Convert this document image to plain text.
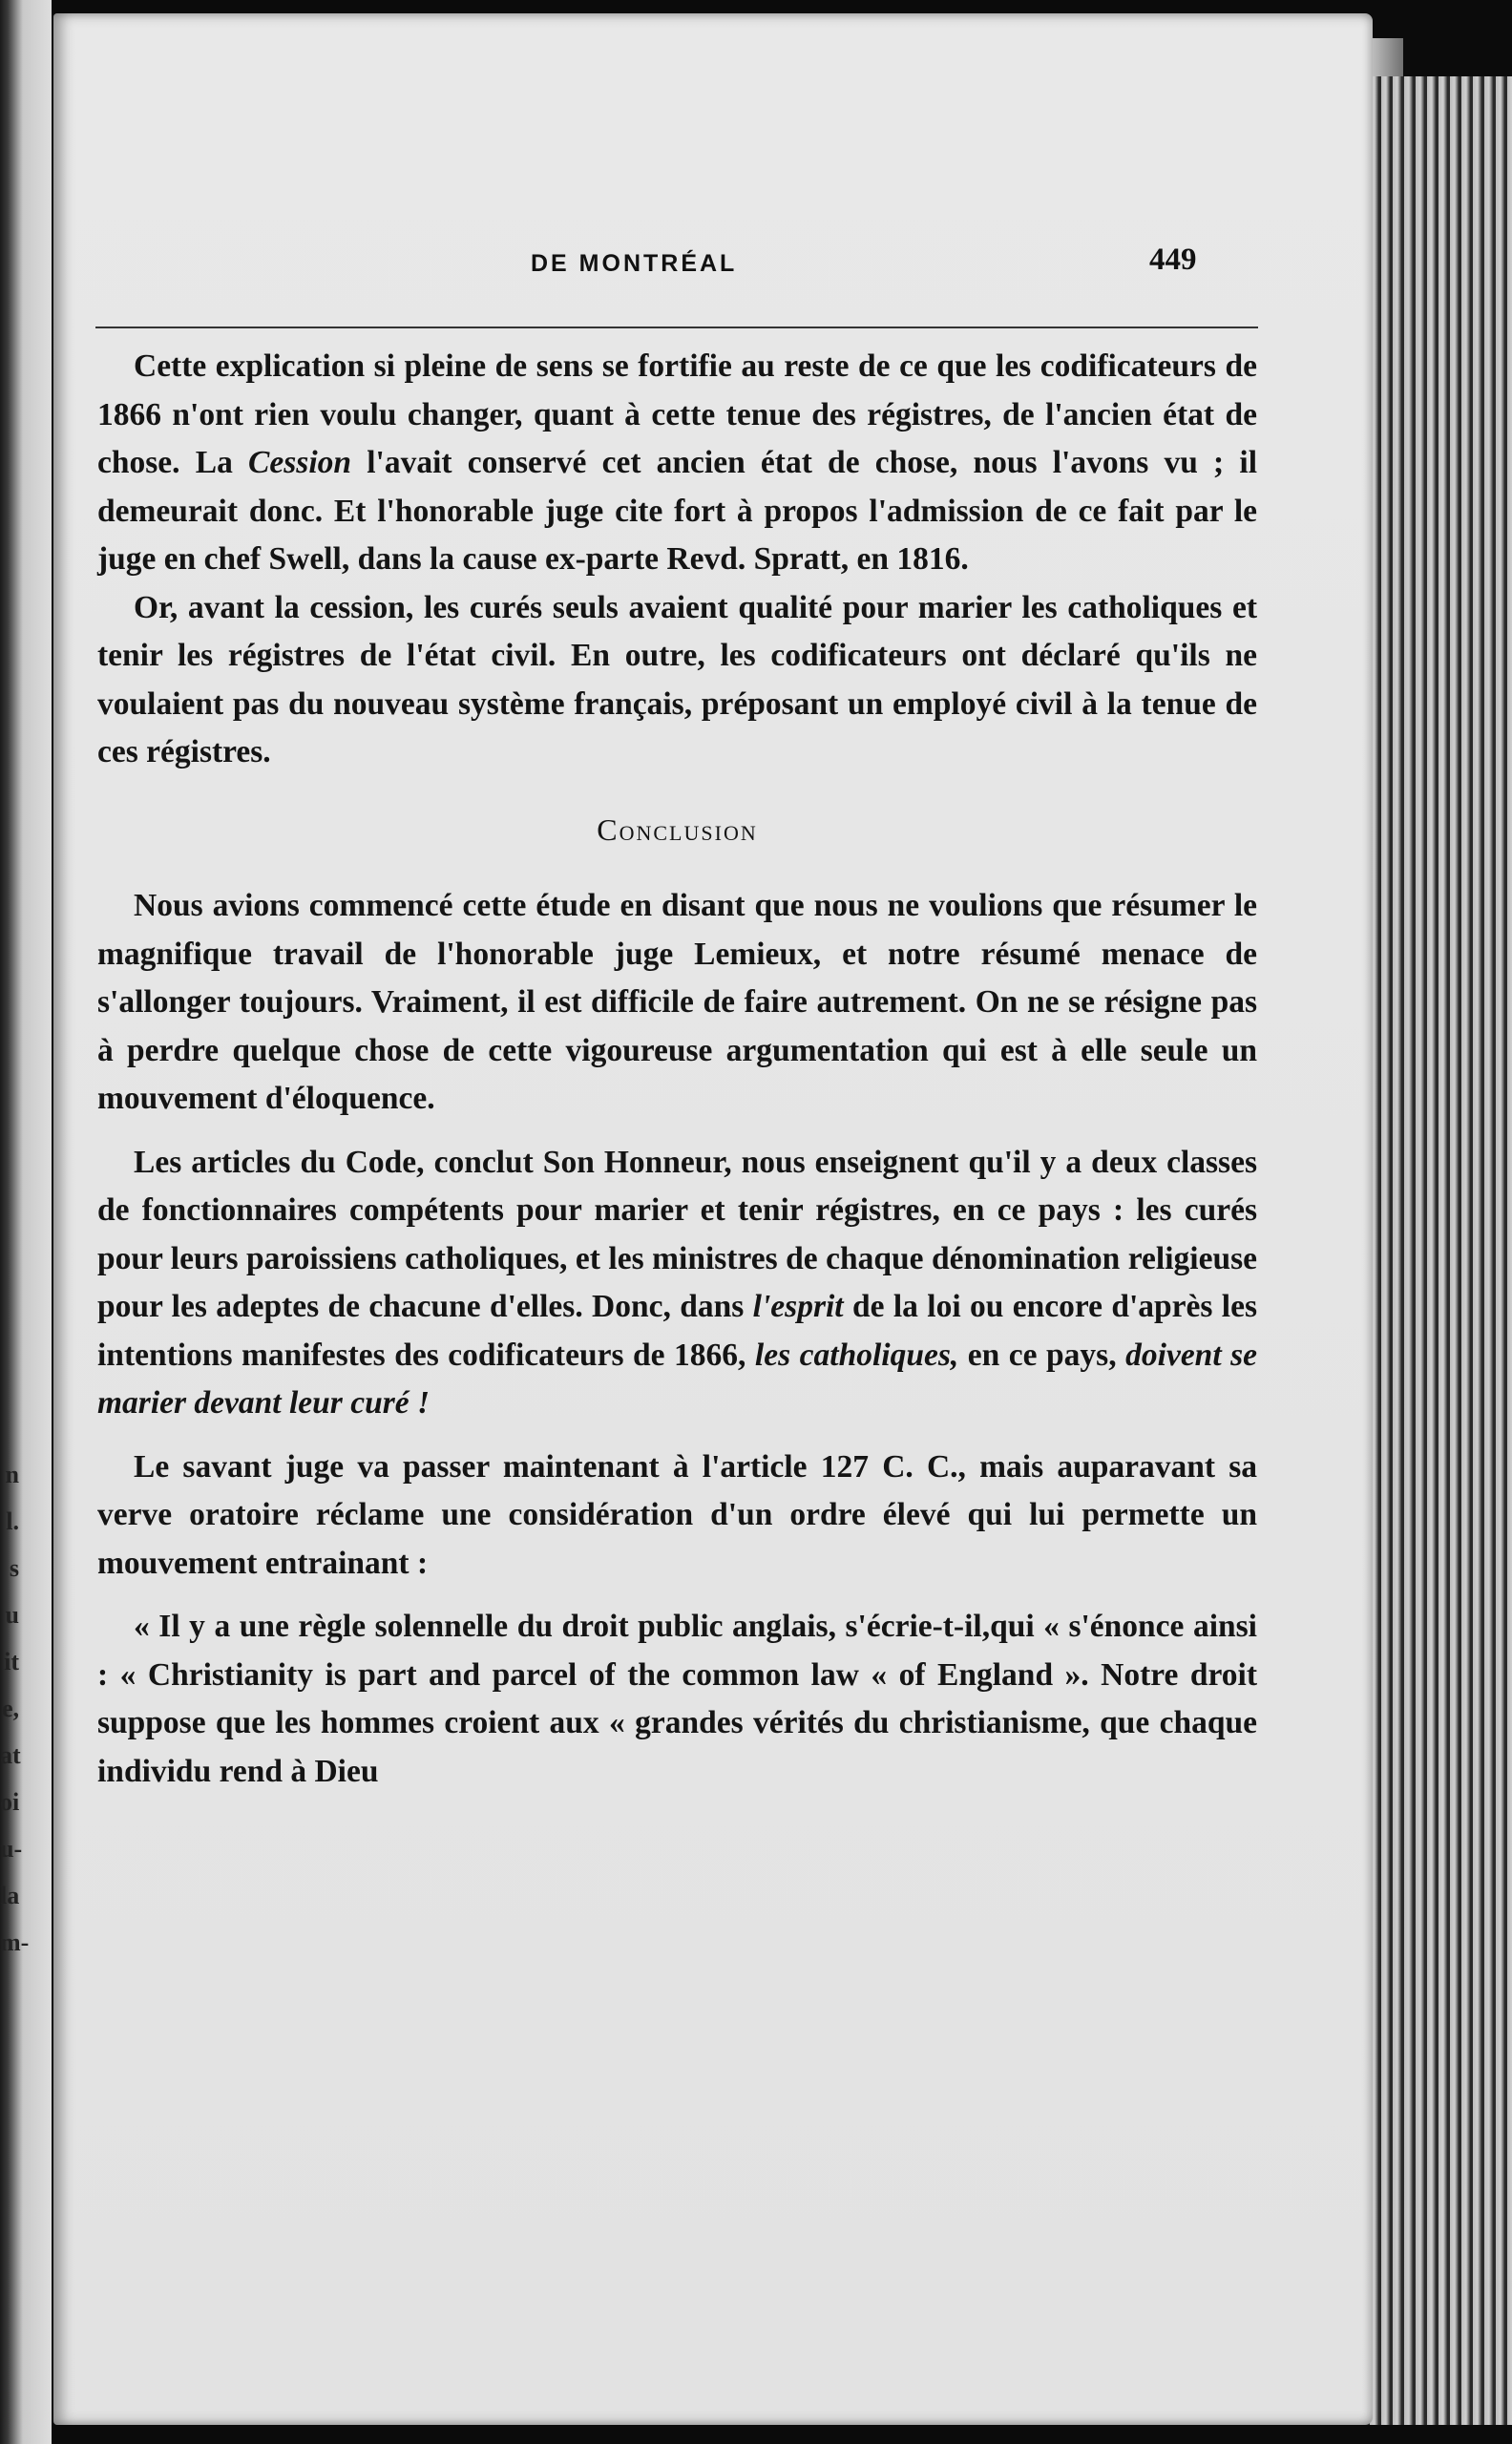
n
l.
s
u
it
e,
at
oi
u-
la
m-
DE MONTRÉAL	449

Cette explication si pleine de sens se fortifie au reste de ce que les codificateurs de 1866 n'ont rien voulu changer, quant à cette tenue des régistres, de l'ancien état de chose. La Cession l'avait conservé cet ancien état de chose, nous l'avons vu ; il demeurait donc. Et l'honorable juge cite fort à propos l'admission de ce fait par le juge en chef Swell, dans la cause ex-parte Revd. Spratt, en 1816.

Or, avant la cession, les curés seuls avaient qualité pour marier les catholiques et tenir les régistres de l'état civil. En outre, les codificateurs ont déclaré qu'ils ne voulaient pas du nouveau système français, préposant un employé civil à la tenue de ces régistres.

Conclusion

Nous avions commencé cette étude en disant que nous ne voulions que résumer le magnifique travail de l'honorable juge Lemieux, et notre résumé menace de s'allonger toujours. Vraiment, il est difficile de faire autrement. On ne se résigne pas à perdre quelque chose de cette vigoureuse argumentation qui est à elle seule un mouvement d'éloquence.

Les articles du Code, conclut Son Honneur, nous enseignent qu'il y a deux classes de fonctionnaires compétents pour marier et tenir régistres, en ce pays : les curés pour leurs paroissiens catholiques, et les ministres de chaque dénomination religieuse pour les adeptes de chacune d'elles. Donc, dans l'esprit de la loi ou encore d'après les intentions manifestes des codificateurs de 1866, les catholiques, en ce pays, doivent se marier devant leur curé !

Le savant juge va passer maintenant à l'article 127 C. C., mais auparavant sa verve oratoire réclame une considération d'un ordre élevé qui lui permette un mouvement entrainant :

« Il y a une règle solennelle du droit public anglais, s'écrie-t-il,qui « s'énonce ainsi : « Christianity is part and parcel of the common law « of England ». Notre droit suppose que les hommes croient aux « grandes vérités du christianisme, que chaque individu rend à Dieu
